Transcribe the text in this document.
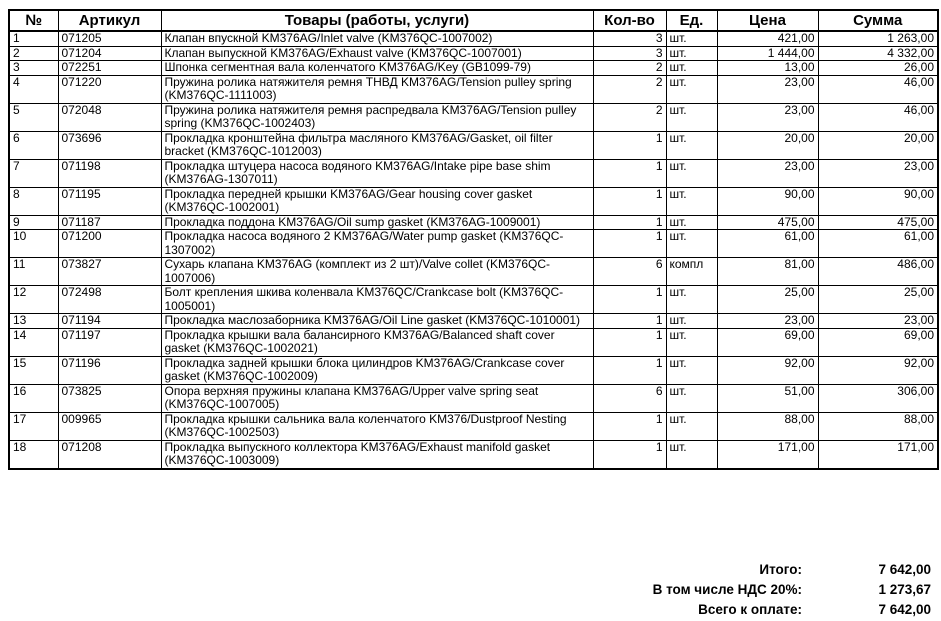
№	Артикул	Товары (работы, услуги)	Кол-во	Ед.	Цена	Сумма
1	071205	Клапан впускной KM376AG/Inlet valve (KM376QC-1007002)	3	шт.	421,00	1 263,00
2	071204	Клапан выпускной KM376AG/Exhaust valve (KM376QC-1007001)	3	шт.	1 444,00	4 332,00
3	072251	Шпонка сегментная вала коленчатого KM376AG/Key (GB1099-79)	2	шт.	13,00	26,00
4	071220	Пружина ролика натяжителя ремня ТНВД KM376AG/Tension pulley spring (KM376QC-1111003)	2	шт.	23,00	46,00
5	072048	Пружина ролика натяжителя ремня распредвала KM376AG/Tension pulley spring (KM376QC-1002403)	2	шт.	23,00	46,00
6	073696	Прокладка кронштейна фильтра масляного KM376AG/Gasket, oil filter bracket (KM376QC-1012003)	1	шт.	20,00	20,00
7	071198	Прокладка штуцера насоса водяного KM376AG/Intake pipe base shim (KM376AG-1307011)	1	шт.	23,00	23,00
8	071195	Прокладка передней крышки KM376AG/Gear housing cover gasket (KM376QC-1002001)	1	шт.	90,00	90,00
9	071187	Прокладка поддона KM376AG/Oil sump gasket (KM376AG-1009001)	1	шт.	475,00	475,00
10	071200	Прокладка насоса водяного 2 KM376AG/Water pump gasket (KM376QC-1307002)	1	шт.	61,00	61,00
11	073827	Сухарь клапана KM376AG (комплект из 2 шт)/Valve collet (KM376QC-1007006)	6	компл	81,00	486,00
12	072498	Болт крепления шкива коленвала KM376QC/Crankcase bolt (KM376QC-1005001)	1	шт.	25,00	25,00
13	071194	Прокладка маслозаборника KM376AG/Oil Line gasket (KM376QC-1010001)	1	шт.	23,00	23,00
14	071197	Прокладка крышки вала балансирного KM376AG/Balanced shaft cover gasket (KM376QC-1002021)	1	шт.	69,00	69,00
15	071196	Прокладка задней крышки блока цилиндров KM376AG/Crankcase cover gasket (KM376QC-1002009)	1	шт.	92,00	92,00
16	073825	Опора верхняя пружины клапана KM376AG/Upper valve spring seat (KM376QC-1007005)	6	шт.	51,00	306,00
17	009965	Прокладка крышки сальника вала коленчатого KM376/Dustproof Nesting (KM376QC-1002503)	1	шт.	88,00	88,00
18	071208	Прокладка выпускного коллектора KM376AG/Exhaust manifold gasket (KM376QC-1003009)	1	шт.	171,00	171,00
Итого:	7 642,00
В том числе НДС 20%:	1 273,67
Всего к оплате:	7 642,00
